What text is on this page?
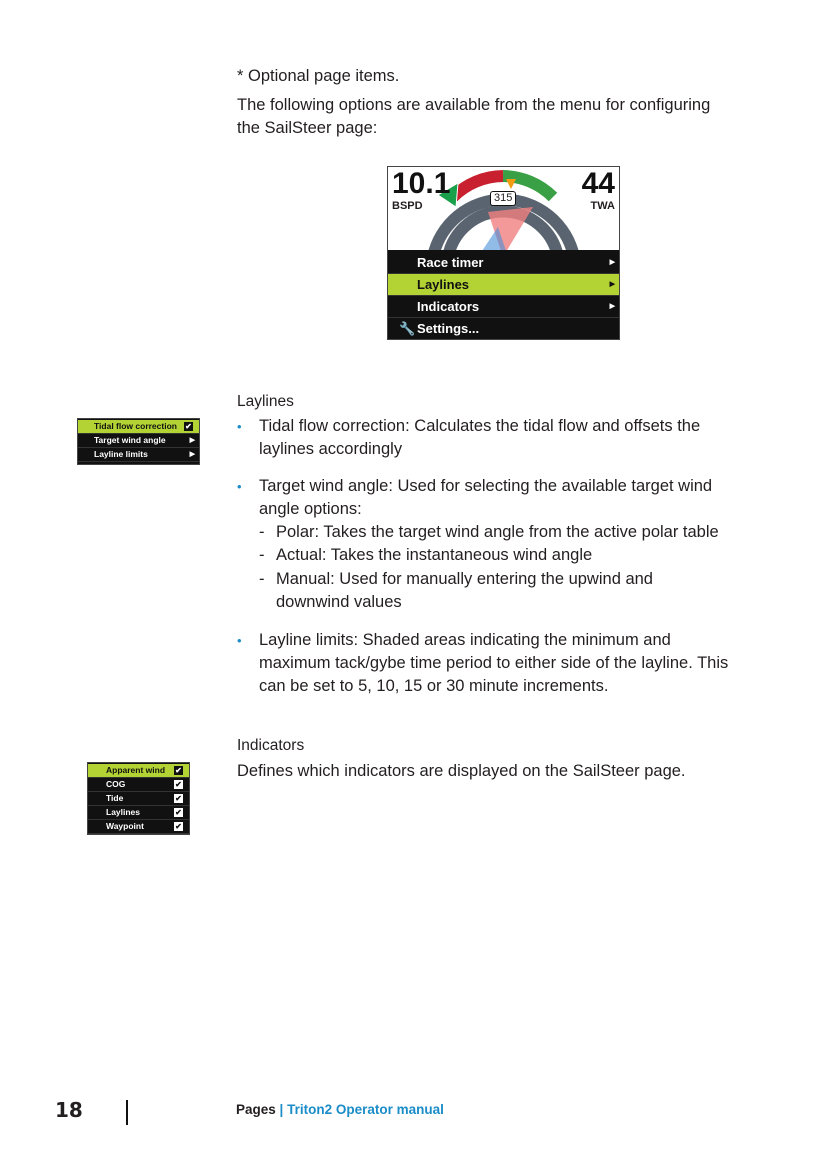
* Optional page items.
The following options are available from the menu for configuring
the SailSteer page:
10.1
BSPD
44
TWA
315
Race timer	▶
Laylines	▶
Indicators	▶
🔧 Settings...
Laylines
Tidal flow correction ✔
Target wind angle	▶
Layline limits	▶
• Tidal flow correction: Calculates the tidal flow and offsets the
laylines accordingly
• Target wind angle: Used for selecting the available target wind
angle options:
- Polar: Takes the target wind angle from the active polar table
- Actual: Takes the instantaneous wind angle
- Manual: Used for manually entering the upwind and
downwind values
• Layline limits: Shaded areas indicating the minimum and
maximum tack/gybe time period to either side of the layline. This
can be set to 5, 10, 15 or 30 minute increments.
Indicators
Defines which indicators are displayed on the SailSteer page.
Apparent wind ✔
COG	✔
Tide	✔
Laylines	✔
Waypoint	✔
18	Pages | Triton2 Operator manual
